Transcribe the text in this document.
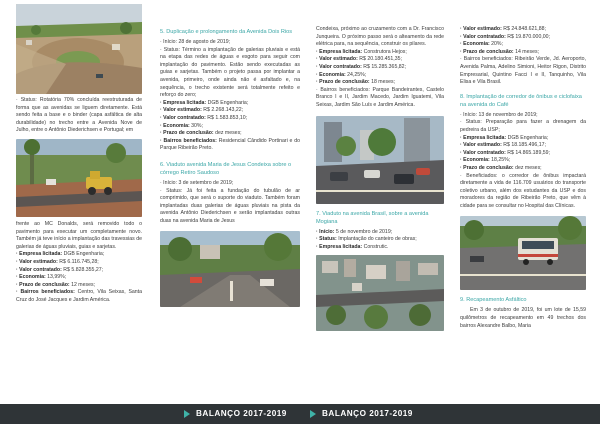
· Status: Rotatória 70% concluída reestruturada de forma que as avenidas se liguem diretamente. Está sendo feita a base e o binder (capa asfáltica de alta durabilidade) no trecho entre a Avenida Nove de Julho, entre o Antônio Diederichsen e Portugal; em
frente ao MC Donalds, será removido todo o pavimento para executar um completamente novo. Também já teve início a implantação das travessias de galerias de águas pluviais, guias e sarjetas.
· Empresa licitada: DGB Engenharia;
· Valor estimado: R$ 6.116.745,28;
· Valor contratado: R$ 5.828.355,27;
· Economia: 13,99%;
· Prazo de conclusão: 12 meses;
· Bairros beneficiados: Centro, Vila Seixas, Santa Cruz do José Jacques e Jardim América.
5. Duplicação e prolongamento da Avenida Dois Rios
· Início: 28 de agosto de 2019;
· Status: Término a implantação de galerias pluviais e está na etapa das redes de águas e esgoto para seguir com implantação do pavimento. Estão sendo executadas as guias e sarjetas. Também o projeto passa por implantar a avenida, primeiro, onde ainda não é asfaltado e, na sequência, o trecho existente será totalmente refeito e reforço do zero;
· Empresa licitada: DGB Engenharia;
· Valor estimado: R$ 2.268.143,22;
· Valor contratado: R$ 1.583.853,10;
· Economia: 30%;
· Prazo de conclusão: dez meses;
· Bairros beneficiados: Residencial Cândido Portinari e do Parque Ribeirão Preto.
6. Viaduto avenida Maria de Jesus Condeixa sobre o córrego Retiro Saudoso
· Início: 3 de setembro de 2019;
· Status: Já foi feita a fundação do tubulão de ar comprimido, que será o suporte do viaduto. Também foram implantadas duas galerias de águas pluviais na pista da avenida Antônio Diederichsen e serão implantadas outras duas na avenida Maria de Jesus
Condeixa, próximo ao cruzamento com a Dr. Francisco Junqueira. O próximo passo será o alteamento da rede elétrica para, na sequência, construir os pilares.
· Empresa licitada: Construtora Hejos;
· Valor estimado: R$ 20.180.451,35;
· Valor contratado: R$ 15.285.365,82;
· Economia: 24,25%;
· Prazo de conclusão: 18 meses;
· Bairros beneficiados: Parque Bandeirantes, Castelo Branco I e II, Jardim Macedo, Jardim Iguatemi, Vila Seixas, Jardim São Luís e Jardim América.
7. Viaduto na avenida Brasil, sobre a avenida Mogiana
· Início: 5 de novembro de 2019;
· Status: Implantação do canteiro de obras;
· Empresa licitada: Construtic.
· Valor estimado: R$ 24.848.621,88;
· Valor contratado: R$ 19.870.000,00;
· Economia: 20%;
· Prazo de conclusão: 14 meses;
· Bairros beneficiados: Ribeirão Verde, Jd. Aeroporto, Avenida Palma, Adelino Simioni, Heitor Rigon, Distrito Empresarial, Quintino Facci I e II, Tanquinho, Vila Elisa e Vila Brasil.
8. Implantação de corredor de ônibus e ciclofaixa na avenida do Café
· Início: 13 de novembro de 2019;
· Status: Preparação para fazer a drenagem da pedreira da USP;
· Empresa licitada: DGB Engenharia;
· Valor estimado: R$ 18.185.496,17;
· Valor contratado: R$ 14.865.189,59;
· Economia: 18,25%;
· Prazo de conclusão: dez meses;
· Beneficiados: o corredor de ônibus impactará diretamente a vida de 116.709 usuários do transporte coletivo urbano, além dos estudantes da USP e dos moradores da região de Ribeirão Preto, que vêm à cidade para se consultar no Hospital das Clínicas.
9. Recapeamento Asfáltico
Em 3 de outubro de 2019, foi um lote de 15,59 quilômetros de recapeamento em 49 trechos dos bairros Alexandre Balbo, Maria
BALANÇO 2017-2019	BALANÇO 2017-2019
